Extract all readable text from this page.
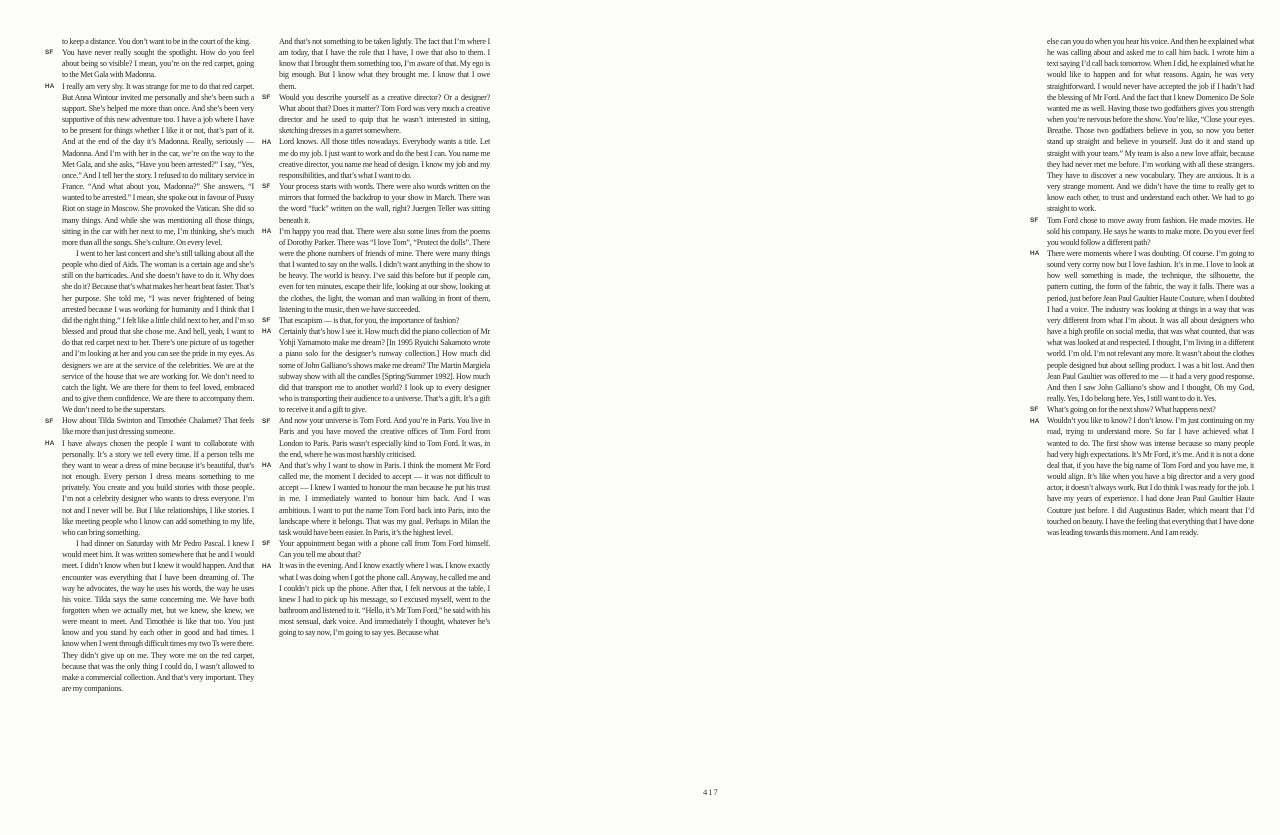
to keep a distance. You don’t want to be in the court of the king.

SF	You have never really sought the spotlight. How do you feel about being so visible? I mean, you’re on the red carpet, going to the Met Gala with Madonna.

HA I really am very shy. It was strange for me to do that red carpet. But Anna Wintour invited me personally and she’s been such a support. She’s helped me more than once. And she’s been very supportive of this new adventure too. I have a job where I have to be present for things whether I like it or not, that’s part of it. And at the end of the day it’s Madonna. Really, seriously — Madonna. And I’m with her in the car, we’re on the way to the Met Gala, and she asks, “Have you been arrested?” I say, “Yes, once.” And I tell her the story. I refused to do military service in France. “And what about you, Madonna?” She answers, “I wanted to be arrested.” I mean, she spoke out in favour of Pussy Riot on stage in Moscow. She provoked the Vatican. She did so many things. And while she was mentioning all those things, sitting in the car with her next to me, I’m thinking, she’s much more than all the songs. She’s culture. On every level.

I went to her last concert and she’s still talking about all the people who died of Aids. The woman is a certain age and she’s still on the barricades. And she doesn’t have to do it. Why does she do it? Because that’s what makes her heart beat faster. That’s her purpose. She told me, “I was never frightened of being arrested because I was working for humanity and I think that I did the right thing.” I felt like a little child next to her, and I’m so blessed and proud that she chose me. And hell, yeah, I want to do that red carpet next to her. There’s one picture of us together and I’m looking at her and you can see the pride in my eyes. As designers we are at the service of the celebrities. We are at the service of the house that we are working for. We don’t need to catch the light. We are there for them to feel loved, embraced and to give them confidence. We are there to accompany them. We don’t need to be the superstars.

SF	How about Tilda Swinton and Timothée Chalamet? That feels like more than just dressing someone.

HA I have always chosen the people I want to collaborate with personally. It’s a story we tell every time. If a person tells me they want to wear a dress of mine because it’s beautiful, that’s not enough. Every person I dress means something to me privately. You create and you build stories with those people. I’m not a celebrity designer who wants to dress everyone. I’m not and I never will be. But I like relationships, I like stories. I like meeting people who I know can add something to my life, who can bring something.

I had dinner on Saturday with Mr Pedro Pascal. I knew I would meet him. It was written somewhere that he and I would meet. I didn’t know when but I knew it would happen. And that encounter was everything that I have been dreaming of. The way he advocates, the way he uses his words, the way he uses his voice. Tilda says the same concerning me. We have both forgotten when we actually met, but we knew, she knew, we were meant to meet. And Timothée is like that too. You just know and you stand by each other in good and bad times. I know when I went through difficult times my two Ts were there. They didn’t give up on me. They wore me on the red carpet, because that was the only thing I could do, I wasn’t allowed to make a commercial collection. And that’s very important. They are my companions.

And that’s not something to be taken lightly. The fact that I’m where I am today, that I have the role that I have, I owe that also to them. I know that I brought them something too, I’m aware of that. My ego is big enough. But I know what they brought me. I know that I owe them.

SF	Would you describe yourself as a creative director? Or a designer? What about that? Does it matter? Tom Ford was very much a creative director and he used to quip that he wasn’t interested in sitting, sketching dresses in a garret somewhere.

HA Lord knows. All those titles nowadays. Everybody wants a title. Let me do my job. I just want to work and do the best I can. You name me creative director, you name me head of design. I know my job and my responsibilities, and that’s what I want to do.

SF	Your process starts with words. There were also words written on the mirrors that formed the backdrop to your show in March. There was the word “fuck” written on the wall, right? Juergen Teller was sitting beneath it.

HA I’m happy you read that. There were also some lines from the poems of Dorothy Parker. There was “I love Tom”, “Protect the dolls”. There were the phone numbers of friends of mine. There were many things that I wanted to say on the walls. I didn’t want anything in the show to be heavy. The world is heavy. I’ve said this before but if people can, even for ten minutes, escape their life, looking at our show, looking at the clothes, the light, the woman and man walking in front of them, listening to the music, then we have succeeded.

SF	That escapism — is that, for you, the importance of fashion?

HA Certainly that’s how I see it. How much did the piano collection of Mr Yohji Yamamoto make me dream? [In 1995 Ryuichi Sakamoto wrote a piano solo for the designer’s runway collection.] How much did some of John Galliano’s shows make me dream? The Martin Margiela subway show with all the candles [Spring/Summer 1992]. How much did that transport me to another world? I look up to every designer who is transporting their audience to a universe. That’s a gift. It’s a gift to receive it and a gift to give.

SF	And now your universe is Tom Ford. And you’re in Paris. You live in Paris and you have moved the creative offices of Tom Ford from London to Paris. Paris wasn’t especially kind to Tom Ford. It was, in the end, where he was most harshly criticised.

HA And that’s why I want to show in Paris. I think the moment Mr Ford called me, the moment I decided to accept — it was not difficult to accept — I knew I wanted to honour the man because he put his trust in me. I immediately wanted to honour him back. And I was ambitious. I want to put the name Tom Ford back into Paris, into the landscape where it belongs. That was my goal. Perhaps in Milan the task would have been easier. In Paris, it’s the highest level.

SF	Your appointment began with a phone call from Tom Ford himself. Can you tell me about that?

HA It was in the evening. And I know exactly where I was. I know exactly what I was doing when I got the phone call. Anyway, he called me and I couldn’t pick up the phone. After that, I felt nervous at the table, I knew I had to pick up his message, so I excused myself, went to the bathroom and listened to it. “Hello, it’s Mr Tom Ford,” he said with his most sensual, dark voice. And immediately I thought, whatever he’s going to say now, I’m going to say yes. Because what

else can you do when you hear his voice. And then he explained what he was calling about and asked me to call him back. I wrote him a text saying I’d call back tomorrow. When I did, he explained what he would like to happen and for what reasons. Again, he was very straightforward. I would never have accepted the job if I hadn’t had the blessing of Mr Ford. And the fact that I knew Domenico De Sole wanted me as well. Having those two godfathers gives you strength when you’re nervous before the show. You’re like, “Close your eyes. Breathe. Those two godfathers believe in you, so now you better stand up straight and believe in yourself. Just do it and stand up straight with your team.” My team is also a new love affair, because they had never met me before. I’m working with all these strangers. They have to discover a new vocabulary. They are anxious. It is a very strange moment. And we didn’t have the time to really get to know each other, to trust and understand each other. We had to go straight to work.

SF	Tom Ford chose to move away from fashion. He made movies. He sold his company. He says he wants to make more. Do you ever feel you would follow a different path?

HA There were moments where I was doubting. Of course. I’m going to sound very corny now but I love fashion. It’s in me. I love to look at how well something is made, the technique, the silhouette, the pattern cutting, the form of the fabric, the way it falls. There was a period, just before Jean Paul Gaultier Haute Couture, when I doubted I had a voice. The industry was looking at things in a way that was very different from what I’m about. It was all about designers who have a high profile on social media, that was what counted, that was what was looked at and respected. I thought, I’m living in a different world. I’m old. I’m not relevant any more. It wasn’t about the clothes people designed but about selling product. I was a bit lost. And then Jean Paul Gaultier was offered to me — it had a very good response. And then I saw John Galliano’s show and I thought, Oh my God, really. Yes, I do belong here. Yes, I still want to do it. Yes.

SF	What’s going on for the next show? What happens next?

HA Wouldn’t you like to know? I don’t know. I’m just continuing on my road, trying to understand more. So far I have achieved what I wanted to do. The first show was intense because so many people had very high expectations. It’s Mr Ford, it’s me. And it is not a done deal that, if you have the big name of Tom Ford and you have me, it would align. It’s like when you have a big director and a very good actor, it doesn’t always work. But I do think I was ready for the job. I have my years of experience. I had done Jean Paul Gaultier Haute Couture just before. I did Augustinus Bader, which meant that I’d touched on beauty. I have the feeling that everything that I have done was leading towards this moment. And I am ready.

417
